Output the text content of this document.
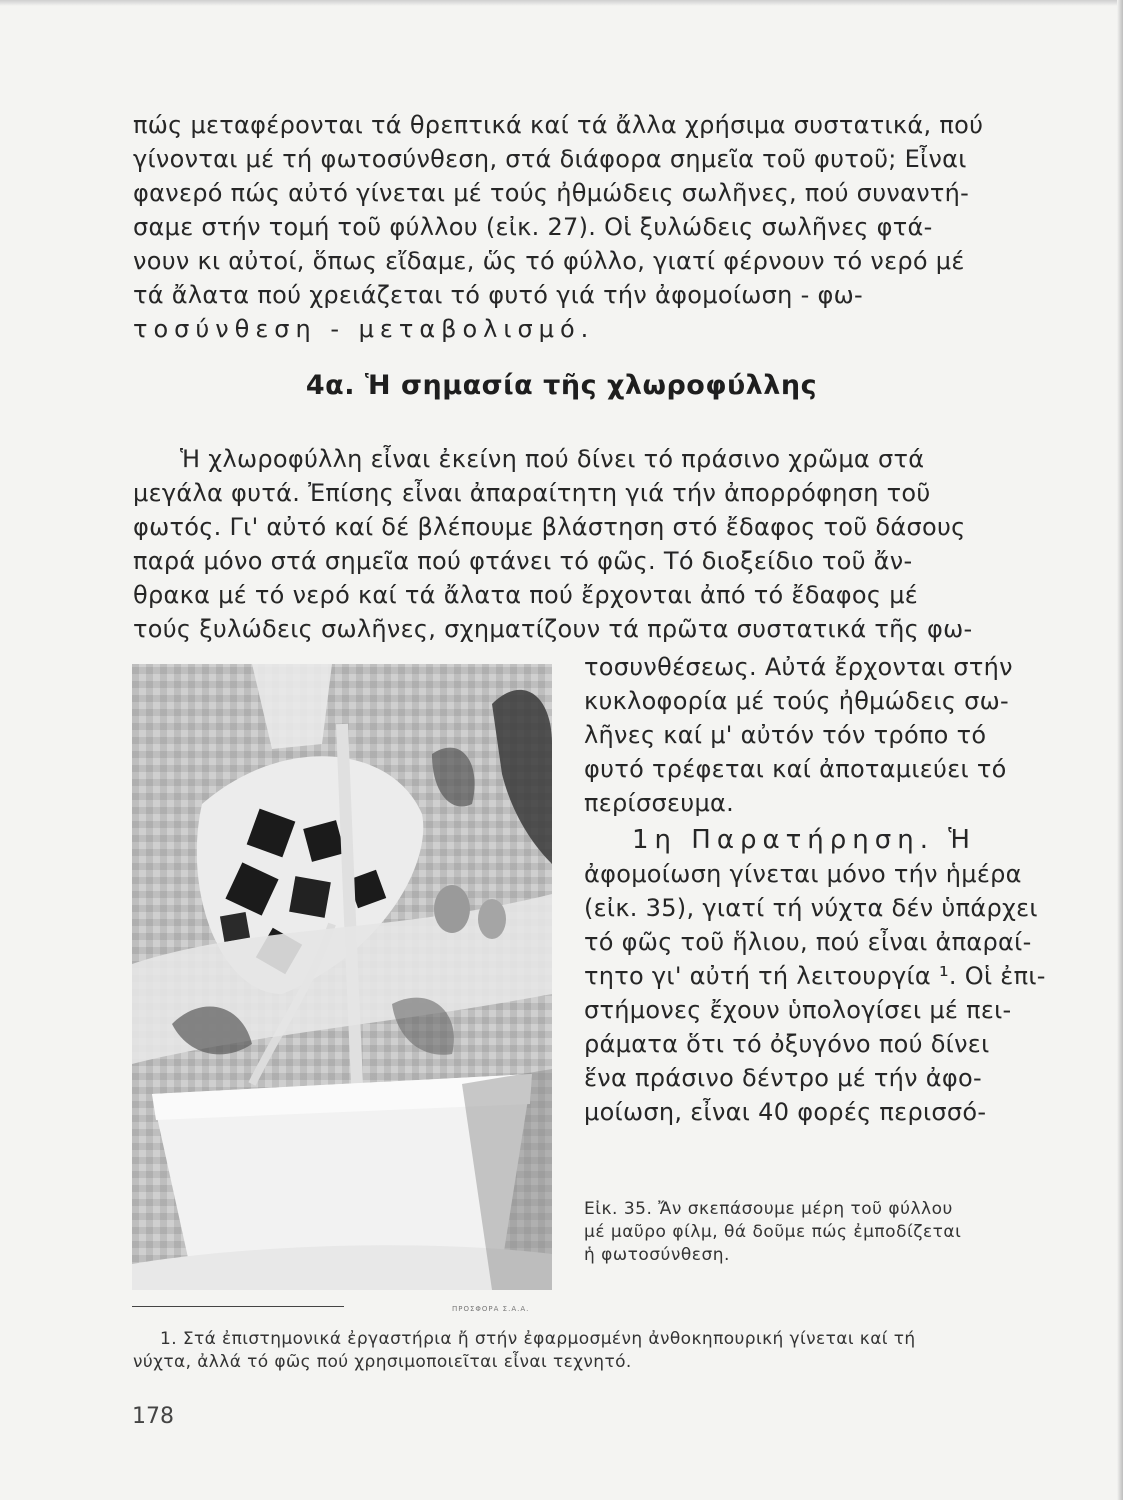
πώς μεταφέρονται τά θρεπτικά καί τά ἄλλα χρήσιμα συστατικά, πού
γίνονται μέ τή φωτοσύνθεση, στά διάφορα σημεῖα τοῦ φυτοῦ; Εἶναι
φανερό πώς αὐτό γίνεται μέ τούς ἠθμώδεις σωλῆνες, πού συναντή-
σαμε στήν τομή τοῦ φύλλου (εἰκ. 27). Οἱ ξυλώδεις σωλῆνες φτά-
νουν κι αὐτοί, ὅπως εἴδαμε, ὥς τό φύλλο, γιατί φέρνουν τό νερό μέ
τά ἄλατα πού χρειάζεται τό φυτό γιά τήν ἀφομοίωση - φω-
τοσύνθεση - μεταβολισμό.
4α. Ἡ σημασία τῆς χλωροφύλλης
Ἡ χλωροφύλλη εἶναι ἐκείνη πού δίνει τό πράσινο χρῶμα στά
μεγάλα φυτά. Ἐπίσης εἶναι ἀπαραίτητη γιά τήν ἀπορρόφηση τοῦ
φωτός. Γι' αὐτό καί δέ βλέπουμε βλάστηση στό ἔδαφος τοῦ δάσους
παρά μόνο στά σημεῖα πού φτάνει τό φῶς. Τό διοξείδιο τοῦ ἄν-
θρακα μέ τό νερό καί τά ἄλατα πού ἔρχονται ἀπό τό ἔδαφος μέ
τούς ξυλώδεις σωλῆνες, σχηματίζουν τά πρῶτα συστατικά τῆς φω-
τοσυνθέσεως. Αὐτά ἔρχονται στήν
κυκλοφορία μέ τούς ἠθμώδεις σω-
λῆνες καί μ' αὐτόν τόν τρόπο τό
φυτό τρέφεται καί ἀποταμιεύει τό
περίσσευμα.
1η Παρατήρηση. Ἡ
ἀφομοίωση γίνεται μόνο τήν ἡμέρα
(εἰκ. 35), γιατί τή νύχτα δέν ὑπάρχει
τό φῶς τοῦ ἥλιου, πού εἶναι ἀπαραί-
τητο γι' αὐτή τή λειτουργία ¹. Οἱ ἐπι-
στήμονες ἔχουν ὑπολογίσει μέ πει-
ράματα ὅτι τό ὀξυγόνο πού δίνει
ἕνα πράσινο δέντρο μέ τήν ἀφο-
μοίωση, εἶναι 40 φορές περισσό-
Εἰκ. 35. Ἄν σκεπάσουμε μέρη τοῦ φύλλου
μέ μαῦρο φίλμ, θά δοῦμε πώς ἐμποδίζεται
ἡ φωτοσύνθεση.
ΠΡΟΣΦΟΡΑ Σ.Α.Α.
1. Στά ἐπιστημονικά ἐργαστήρια ἤ στήν ἐφαρμοσμένη ἀνθοκηπουρική γίνεται καί τή
νύχτα, ἀλλά τό φῶς πού χρησιμοποιεῖται εἶναι τεχνητό.
178
